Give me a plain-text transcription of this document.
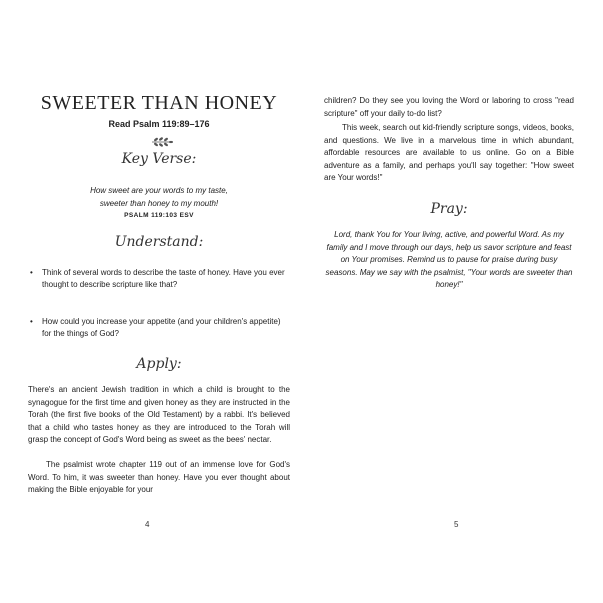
SWEETER THAN HONEY
Read Psalm 119:89–176
Key Verse:
How sweet are your words to my taste,
sweeter than honey to my mouth!
PSALM 119:103 ESV
Understand:
• Think of several words to describe the taste of honey. Have you ever thought to describe scripture like that?
• How could you increase your appetite (and your children's appetite) for the things of God?
Apply:
There's an ancient Jewish tradition in which a child is brought to the synagogue for the first time and given honey as they are instructed in the Torah (the first five books of the Old Testament) by a rabbi. It's believed that a child who tastes honey as they are introduced to the Torah will grasp the concept of God's Word being as sweet as the bees' nectar.
The psalmist wrote chapter 119 out of an immense love for God's Word. To him, it was sweeter than honey. Have you ever thought about making the Bible enjoyable for your
4
children? Do they see you loving the Word or laboring to cross "read scripture" off your daily to-do list?
This week, search out kid-friendly scripture songs, videos, books, and questions. We live in a marvelous time in which abundant, affordable resources are available to us online. Go on a Bible adventure as a family, and perhaps you'll say together: "How sweet are Your words!"
Pray:
Lord, thank You for Your living, active, and powerful Word. As my family and I move through our days, help us savor scripture and feast on Your promises. Remind us to pause for praise during busy seasons. May we say with the psalmist, "Your words are sweeter than honey!"
5
